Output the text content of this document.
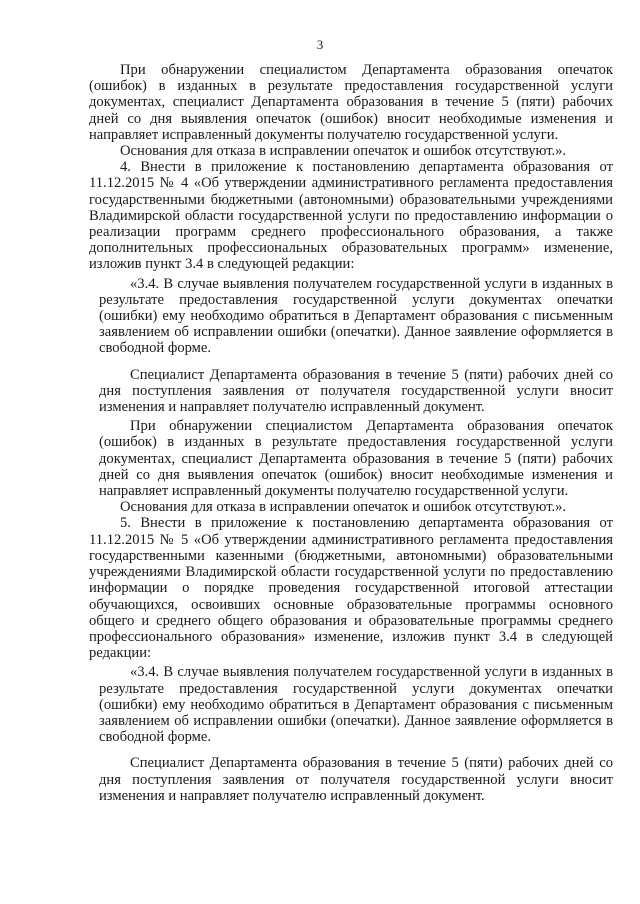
3

При обнаружении специалистом Департамента образования опечаток (ошибок) в изданных в результате предоставления государственной услуги документах, специалист Департамента образования в течение 5 (пяти) рабочих дней со дня выявления опечаток (ошибок) вносит необходимые изменения и направляет исправленный документы получателю государственной услуги.

Основания для отказа в исправлении опечаток и ошибок отсутствуют.».

4. Внести в приложение к постановлению департамента образования от 11.12.2015 № 4 «Об утверждении административного регламента предоставления государственными бюджетными (автономными) образовательными учреждениями Владимирской области государственной услуги по предоставлению информации о реализации программ среднего профессионального образования, а также дополнительных профессиональных образовательных программ» изменение, изложив пункт 3.4 в следующей редакции:

«3.4. В случае выявления получателем государственной услуги в изданных в результате предоставления государственной услуги документах опечатки (ошибки) ему необходимо обратиться в Департамент образования с письменным заявлением об исправлении ошибки (опечатки). Данное заявление оформляется в свободной форме.

Специалист Департамента образования в течение 5 (пяти) рабочих дней со дня поступления заявления от получателя государственной услуги вносит изменения и направляет получателю исправленный документ.

При обнаружении специалистом Департамента образования опечаток (ошибок) в изданных в результате предоставления государственной услуги документах, специалист Департамента образования в течение 5 (пяти) рабочих дней со дня выявления опечаток (ошибок) вносит необходимые изменения и направляет исправленный документы получателю государственной услуги.

Основания для отказа в исправлении опечаток и ошибок отсутствуют.».

5. Внести в приложение к постановлению департамента образования от 11.12.2015 № 5 «Об утверждении административного регламента предоставления государственными казенными (бюджетными, автономными) образовательными учреждениями Владимирской области государственной услуги по предоставлению информации о порядке проведения государственной итоговой аттестации обучающихся, освоивших основные образовательные программы основного общего и среднего общего образования и образовательные программы среднего профессионального образования» изменение, изложив пункт 3.4 в следующей редакции:

«3.4. В случае выявления получателем государственной услуги в изданных в результате предоставления государственной услуги документах опечатки (ошибки) ему необходимо обратиться в Департамент образования с письменным заявлением об исправлении ошибки (опечатки). Данное заявление оформляется в свободной форме.

Специалист Департамента образования в течение 5 (пяти) рабочих дней со дня поступления заявления от получателя государственной услуги вносит изменения и направляет получателю исправленный документ.
